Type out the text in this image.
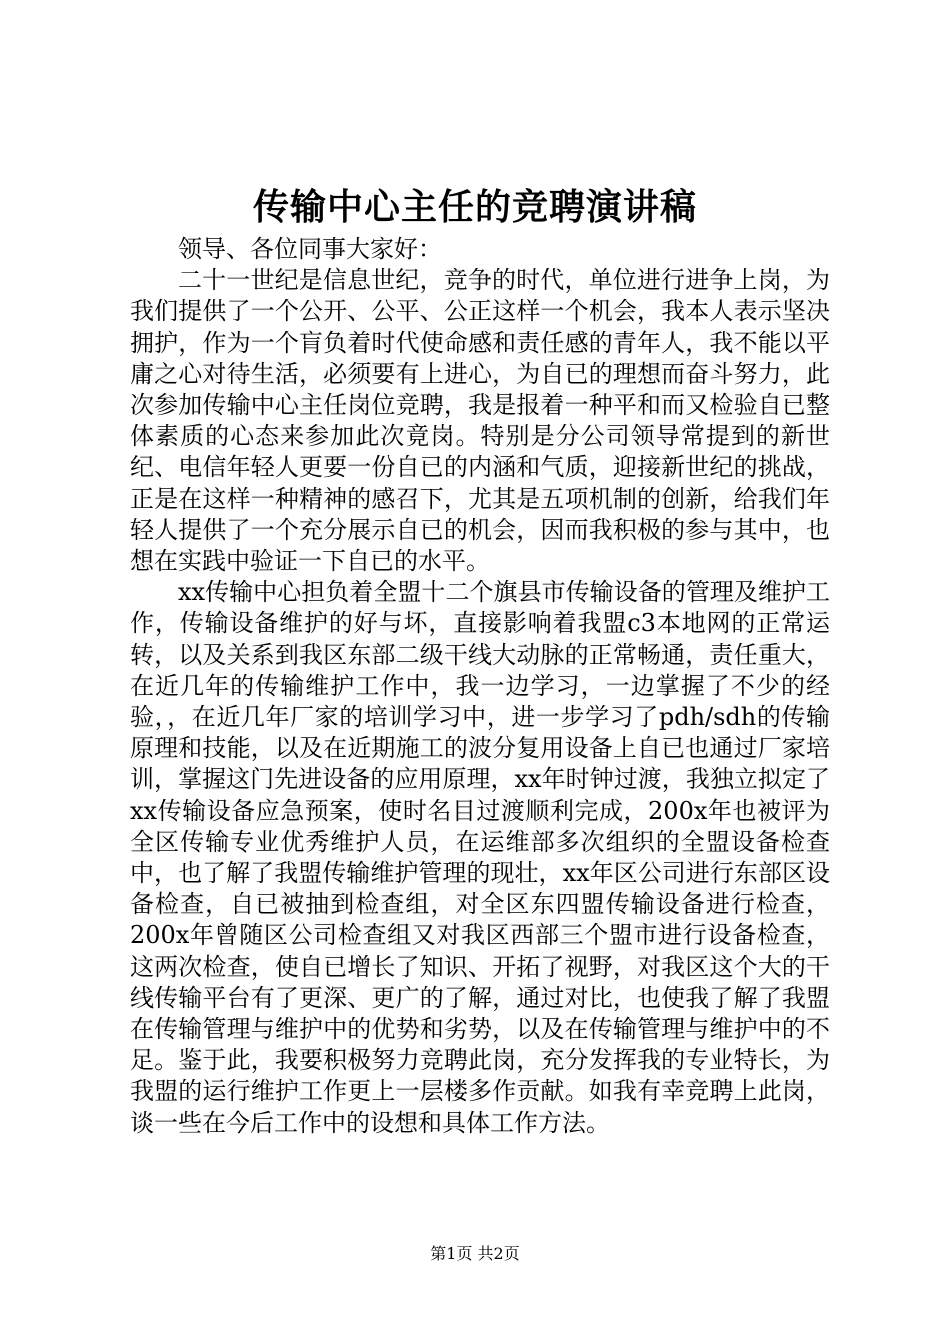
传输中心主任的竞聘演讲稿

领导、各位同事大家好：

二十一世纪是信息世纪，竞争的时代，单位进行进争上岗，为我们提供了一个公开、公平、公正这样一个机会，我本人表示坚决拥护，作为一个肓负着时代使命感和责任感的青年人，我不能以平庸之心对待生活，必须要有上进心，为自已的理想而奋斗努力，此次参加传输中心主任岗位竞聘，我是报着一种平和而又检验自已整体素质的心态来参加此次竟岗。特别是分公司领导常提到的新世纪、电信年轻人更要一份自已的内涵和气质，迎接新世纪的挑战，正是在这样一种精神的感召下，尤其是五项机制的创新，给我们年轻人提供了一个充分展示自已的机会，因而我积极的参与其中，也想在实践中验证一下自已的水平。

xx传输中心担负着全盟十二个旗县市传输设备的管理及维护工作，传输设备维护的好与坏，直接影响着我盟c3本地网的正常运转，以及关系到我区东部二级干线大动脉的正常畅通，责任重大，在近几年的传输维护工作中，我一边学习，一边掌握了不少的经验，，在近几年厂家的培训学习中，进一步学习了pdh/sdh的传输原理和技能，以及在近期施工的波分复用设备上自已也通过厂家培训，掌握这门先进设备的应用原理，xx年时钟过渡，我独立拟定了xx传输设备应急预案，使时名目过渡顺利完成，200x年也被评为全区传输专业优秀维护人员，在运维部多次组织的全盟设备检查中，也了解了我盟传输维护管理的现壮，xx年区公司进行东部区设备检查，自已被抽到检查组，对全区东四盟传输设备进行检查，200x年曾随区公司检查组又对我区西部三个盟市进行设备检查，这两次检查，使自已增长了知识、开拓了视野，对我区这个大的干线传输平台有了更深、更广的了解，通过对比，也使我了解了我盟在传输管理与维护中的优势和劣势，以及在传输管理与维护中的不足。鉴于此，我要积极努力竞聘此岗，充分发挥我的专业特长，为我盟的运行维护工作更上一层楼多作贡献。如我有幸竞聘上此岗，谈一些在今后工作中的设想和具体工作方法。

第1页 共2页
